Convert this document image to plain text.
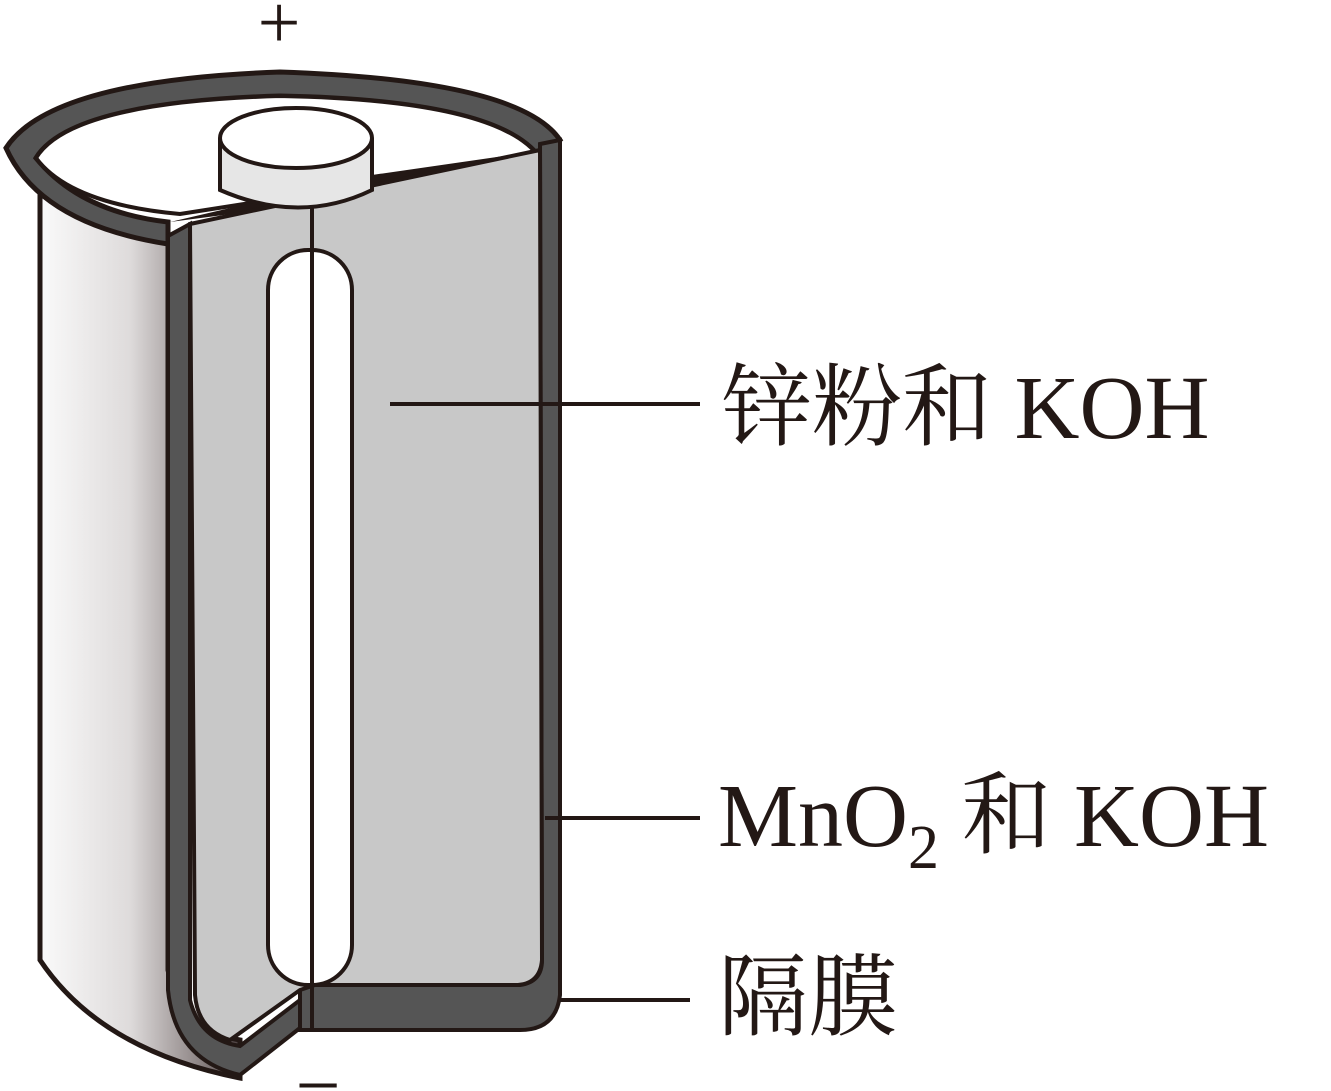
+
−
锌粉和 KOH
MnO$_2$ 和 KOH
隔膜
